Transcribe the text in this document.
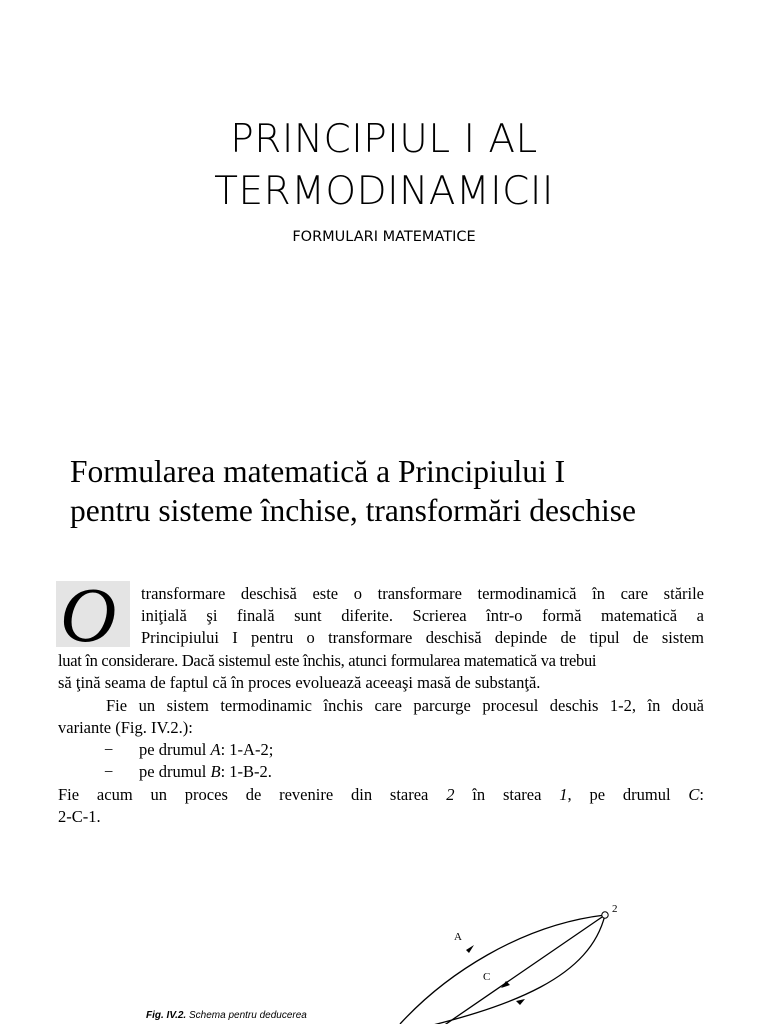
PRINCIPIUL I AL
TERMODINAMICII
FORMULARI MATEMATICE
Formularea matematică a Principiului I
pentru sisteme închise, transformări deschise
O transformare deschisă este o transformare termodinamică în care stările
iniţială şi finală sunt diferite. Scrierea într-o formă matematică a
Principiului I pentru o transformare deschisă depinde de tipul de sistem
luat în considerare. Dacă sistemul este închis, atunci formularea matematică va trebui
să ţină seama de faptul că în proces evoluează aceeaşi masă de substanţă.
Fie un sistem termodinamic închis care parcurge procesul deschis 1-2, în două
variante (Fig. IV.2.):
− pe drumul A: 1-A-2;
− pe drumul B: 1-B-2.
Fie acum un proces de revenire din starea 2 în starea 1, pe drumul C:
2-C-1.
A
C
2
Fig. IV.2. Schema pentru deducerea
